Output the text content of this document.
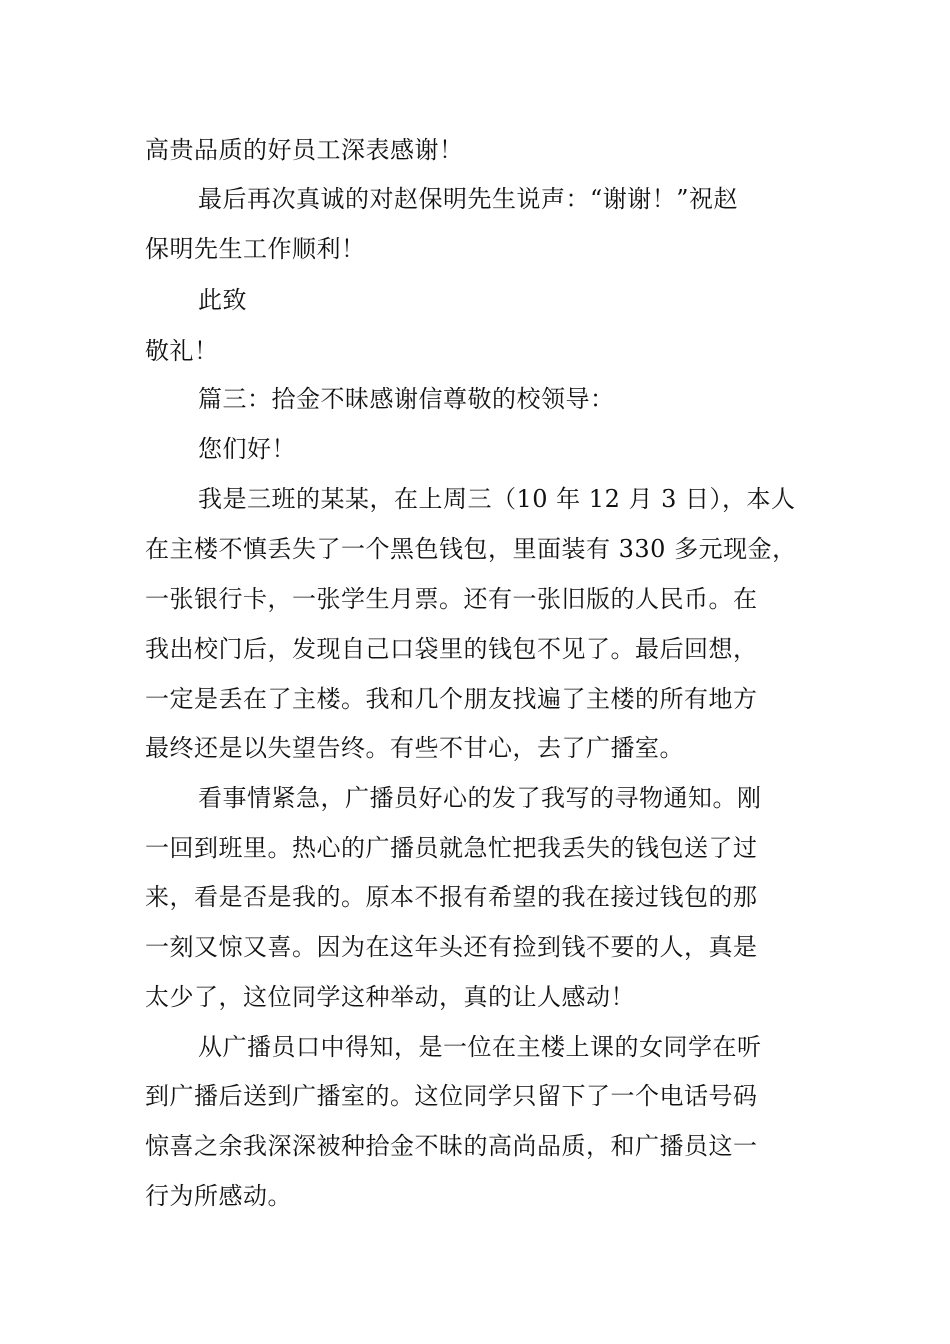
高贵品质的好员工深表感谢！
最后再次真诚的对赵保明先生说声：“谢谢！”祝赵
保明先生工作顺利！
此致
敬礼！
篇三：拾金不昧感谢信尊敬的校领导：
您们好！
我是三班的某某，在上周三（10 年 12 月 3 日），本人
在主楼不慎丢失了一个黑色钱包，里面装有 330 多元现金，
一张银行卡，一张学生月票。还有一张旧版的人民币。在
我出校门后，发现自己口袋里的钱包不见了。最后回想，
一定是丢在了主楼。我和几个朋友找遍了主楼的所有地方
最终还是以失望告终。有些不甘心，去了广播室。
看事情紧急，广播员好心的发了我写的寻物通知。刚
一回到班里。热心的广播员就急忙把我丢失的钱包送了过
来，看是否是我的。原本不报有希望的我在接过钱包的那
一刻又惊又喜。因为在这年头还有捡到钱不要的人，真是
太少了，这位同学这种举动，真的让人感动！
从广播员口中得知，是一位在主楼上课的女同学在听
到广播后送到广播室的。这位同学只留下了一个电话号码
惊喜之余我深深被种拾金不昧的高尚品质，和广播员这一
行为所感动。
